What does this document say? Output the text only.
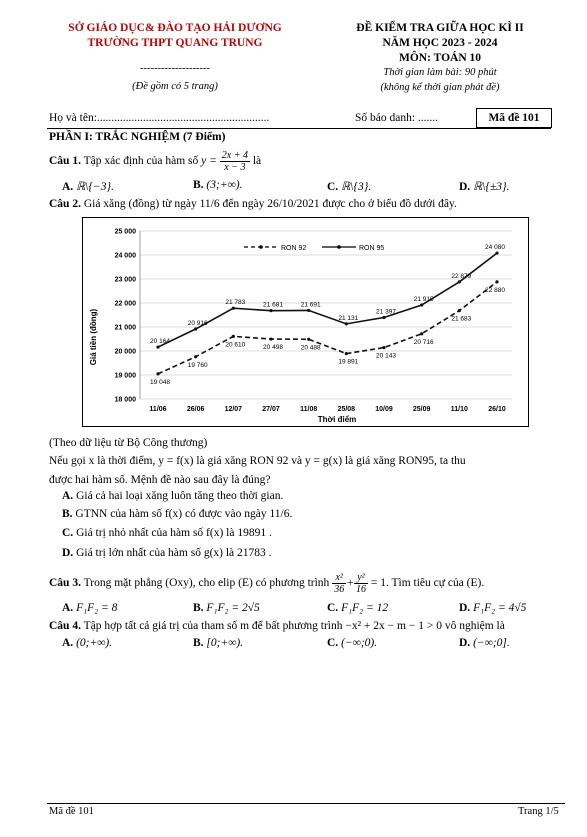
SỞ GIÁO DỤC& ĐÀO TẠO HẢI DƯƠNG
TRƯỜNG THPT QUANG TRUNG
--------------------
(Đề gồm có 5 trang)
ĐỀ KIỂM TRA GIỮA HỌC KÌ II
NĂM HỌC 2023 - 2024
MÔN: TOÁN 10
Thời gian làm bài: 90 phút
(không kể thời gian phát đề)
Họ và tên:............................................................	Số báo danh: .......	Mã đề 101
PHẦN I: TRẮC NGHIỆM (7 Điểm)
Câu 1. Tập xác định của hàm số $y = \frac{2x + 4}{x - 3}$ là
A. ℝ\{−3}.	B. (3;+∞).	C. ℝ\{3}.	D. ℝ\{±3}.
Câu 2. Giá xăng (đồng) từ ngày 11/6 đến ngày 26/10/2021 được cho ở biểu đồ dưới đây.
18 000
19 000
20 000
21 000
22 000
23 000
24 000
25 000
11/06	26/06	12/07	27/07	11/08	25/08	10/09	25/09	11/10	26/10
Giá tiền (đồng)
Thời điểm
RON 92	RON 95
19 048
19 760
20 610	20 498	20 488
19 891
20 143
20 716
21 683
22 880
20 164
20 916
21 783	21 681	21 691
21 131
21 397
21 915
22 879
24 080
(Theo dữ liệu từ Bộ Công thương)
Nếu gọi x là thời điểm, y = f(x) là giá xăng RON 92 và y = g(x) là giá xăng RON95, ta thu
được hai hàm số. Mệnh đề nào sau đây là đúng?
A. Giá cả hai loại xăng luôn tăng theo thời gian.
B. GTNN của hàm số f(x) có được vào ngày 11/6.
C. Giá trị nhỏ nhất của hàm số f(x) là 19891 .
D. Giá trị lớn nhất của hàm số g(x) là 21783 .
Câu 3. Trong mặt phẳng (Oxy), cho elip (E) có phương trình $\frac{\text{x²}}{36} + \frac{\text{y²}}{16} = 1$. Tìm tiêu cự của (E).
A. F₁F₂ = 8	B. F₁F₂ = 2√5	C. F₁F₂ = 12	D. F₁F₂ = 4√5
Câu 4. Tập hợp tất cả giá trị của tham số m để bất phương trình −x² + 2x − m − 1 > 0 vô nghiệm là
A. (0;+∞).	B. [0;+∞).	C. (−∞;0).	D. (−∞;0].
Mã đề 101	Trang 1/5
